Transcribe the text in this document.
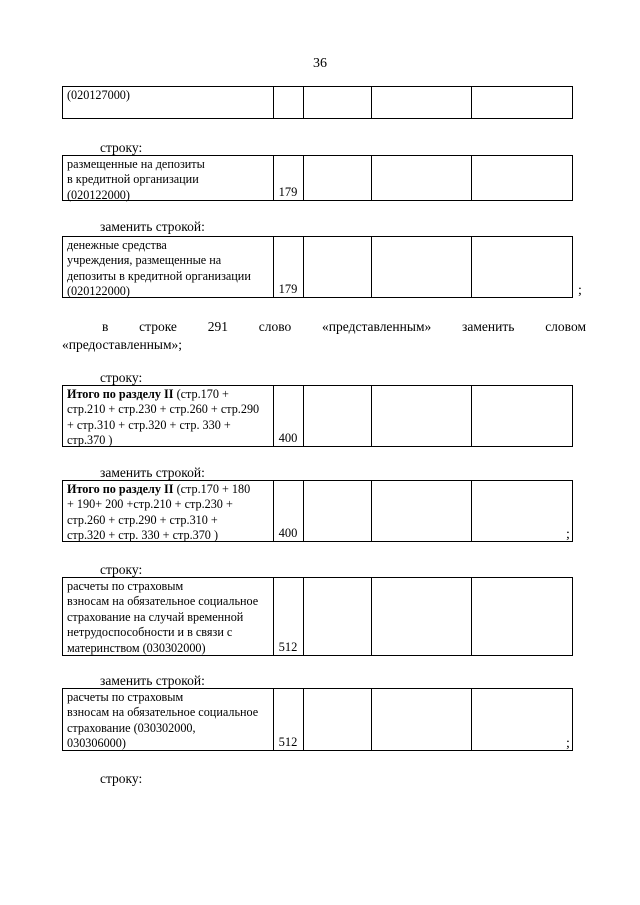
36
(020127000)
строку:
размещенные на депозиты
в кредитной организации
(020122000)	179
заменить строкой:
денежные средства
учреждения, размещенные на
депозиты в кредитной организации
(020122000)	179	;
в строке 291 слово «представленным» заменить словом
«предоставленным»;
строку:
Итого по разделу II (стр.170 +
стр.210 + стр.230 + стр.260 + стр.290
+ стр.310 + стр.320 + стр. 330 +
стр.370 )	400
заменить строкой:
Итого по разделу II (стр.170 + 180
+ 190+ 200 +стр.210 + стр.230 +
стр.260 + стр.290 + стр.310 +
стр.320 + стр. 330 + стр.370 )	400	;
строку:
расчеты по страховым
взносам на обязательное социальное
страхование на случай временной
нетрудоспособности и в связи с
материнством (030302000)	512
заменить строкой:
расчеты по страховым
взносам на обязательное социальное
страхование (030302000,
030306000)	512	;
строку:
